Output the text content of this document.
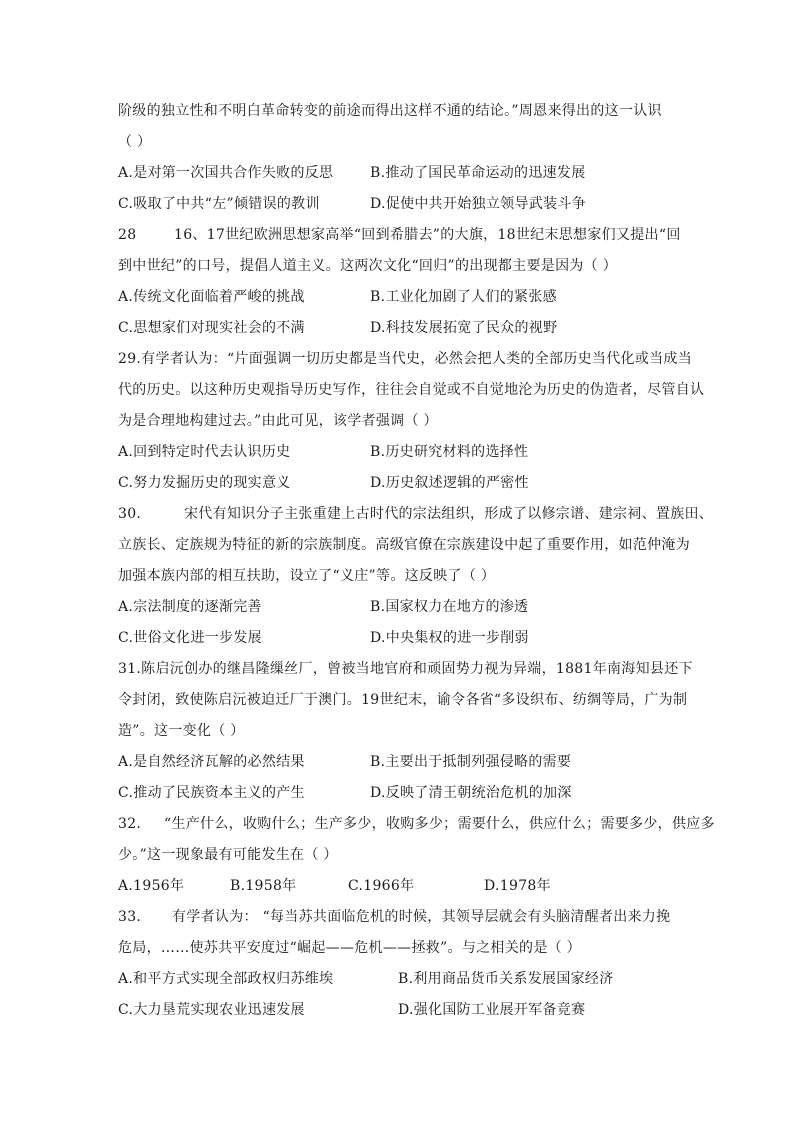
阶级的独立性和不明白革命转变的前途而得出这样不通的结论。”周恩来得出的这一认识
（ ）
A.是对第一次国共合作失败的反思	B.推动了国民革命运动的迅速发展
C.吸取了中共“左”倾错误的教训	D.促使中共开始独立领导武装斗争
28	16、17世纪欧洲思想家高举“回到希腊去”的大旗，18世纪末思想家们又提出“回
到中世纪”的口号，提倡人道主义。这两次文化“回归”的出现都主要是因为（ ）
A.传统文化面临着严峻的挑战	B.工业化加剧了人们的紧张感
C.思想家们对现实社会的不满	D.科技发展拓宽了民众的视野
29.有学者认为：“片面强调一切历史都是当代史，必然会把人类的全部历史当代化或当成当
代的历史。以这种历史观指导历史写作，往往会自觉或不自觉地沦为历史的伪造者，尽管自认
为是合理地构建过去。”由此可见，该学者强调（ ）
A.回到特定时代去认识历史	B.历史研究材料的选择性
C.努力发掘历史的现实意义	D.历史叙述逻辑的严密性
30.	宋代有知识分子主张重建上古时代的宗法组织，形成了以修宗谱、建宗祠、置族田、
立族长、定族规为特征的新的宗族制度。高级官僚在宗族建设中起了重要作用，如范仲淹为
加强本族内部的相互扶助，设立了“义庄”等。这反映了（ ）
A.宗法制度的逐渐完善	B.国家权力在地方的渗透
C.世俗文化进一步发展	D.中央集权的进一步削弱
31.陈启沅创办的继昌隆缫丝厂，曾被当地官府和顽固势力视为异端，1881年南海知县还下
令封闭，致使陈启沅被迫迁厂于澳门。19世纪末，谕令各省“多设织布、纺绸等局，广为制
造”。这一变化（ ）
A.是自然经济瓦解的必然结果	B.主要出于抵制列强侵略的需要
C.推动了民族资本主义的产生	D.反映了清王朝统治危机的加深
32. “生产什么，收购什么；生产多少，收购多少；需要什么，供应什么；需要多少，供应多
少。”这一现象最有可能发生在（ ）
A.1956年	B.1958年	C.1966年	D.1978年
33. 有学者认为： “每当苏共面临危机的时候，其领导层就会有头脑清醒者出来力挽
危局，……使苏共平安度过“崛起——危机——拯救”。与之相关的是（ ）
A.和平方式实现全部政权归苏维埃	B.利用商品货币关系发展国家经济
C.大力垦荒实现农业迅速发展	D.强化国防工业展开军备竞赛
